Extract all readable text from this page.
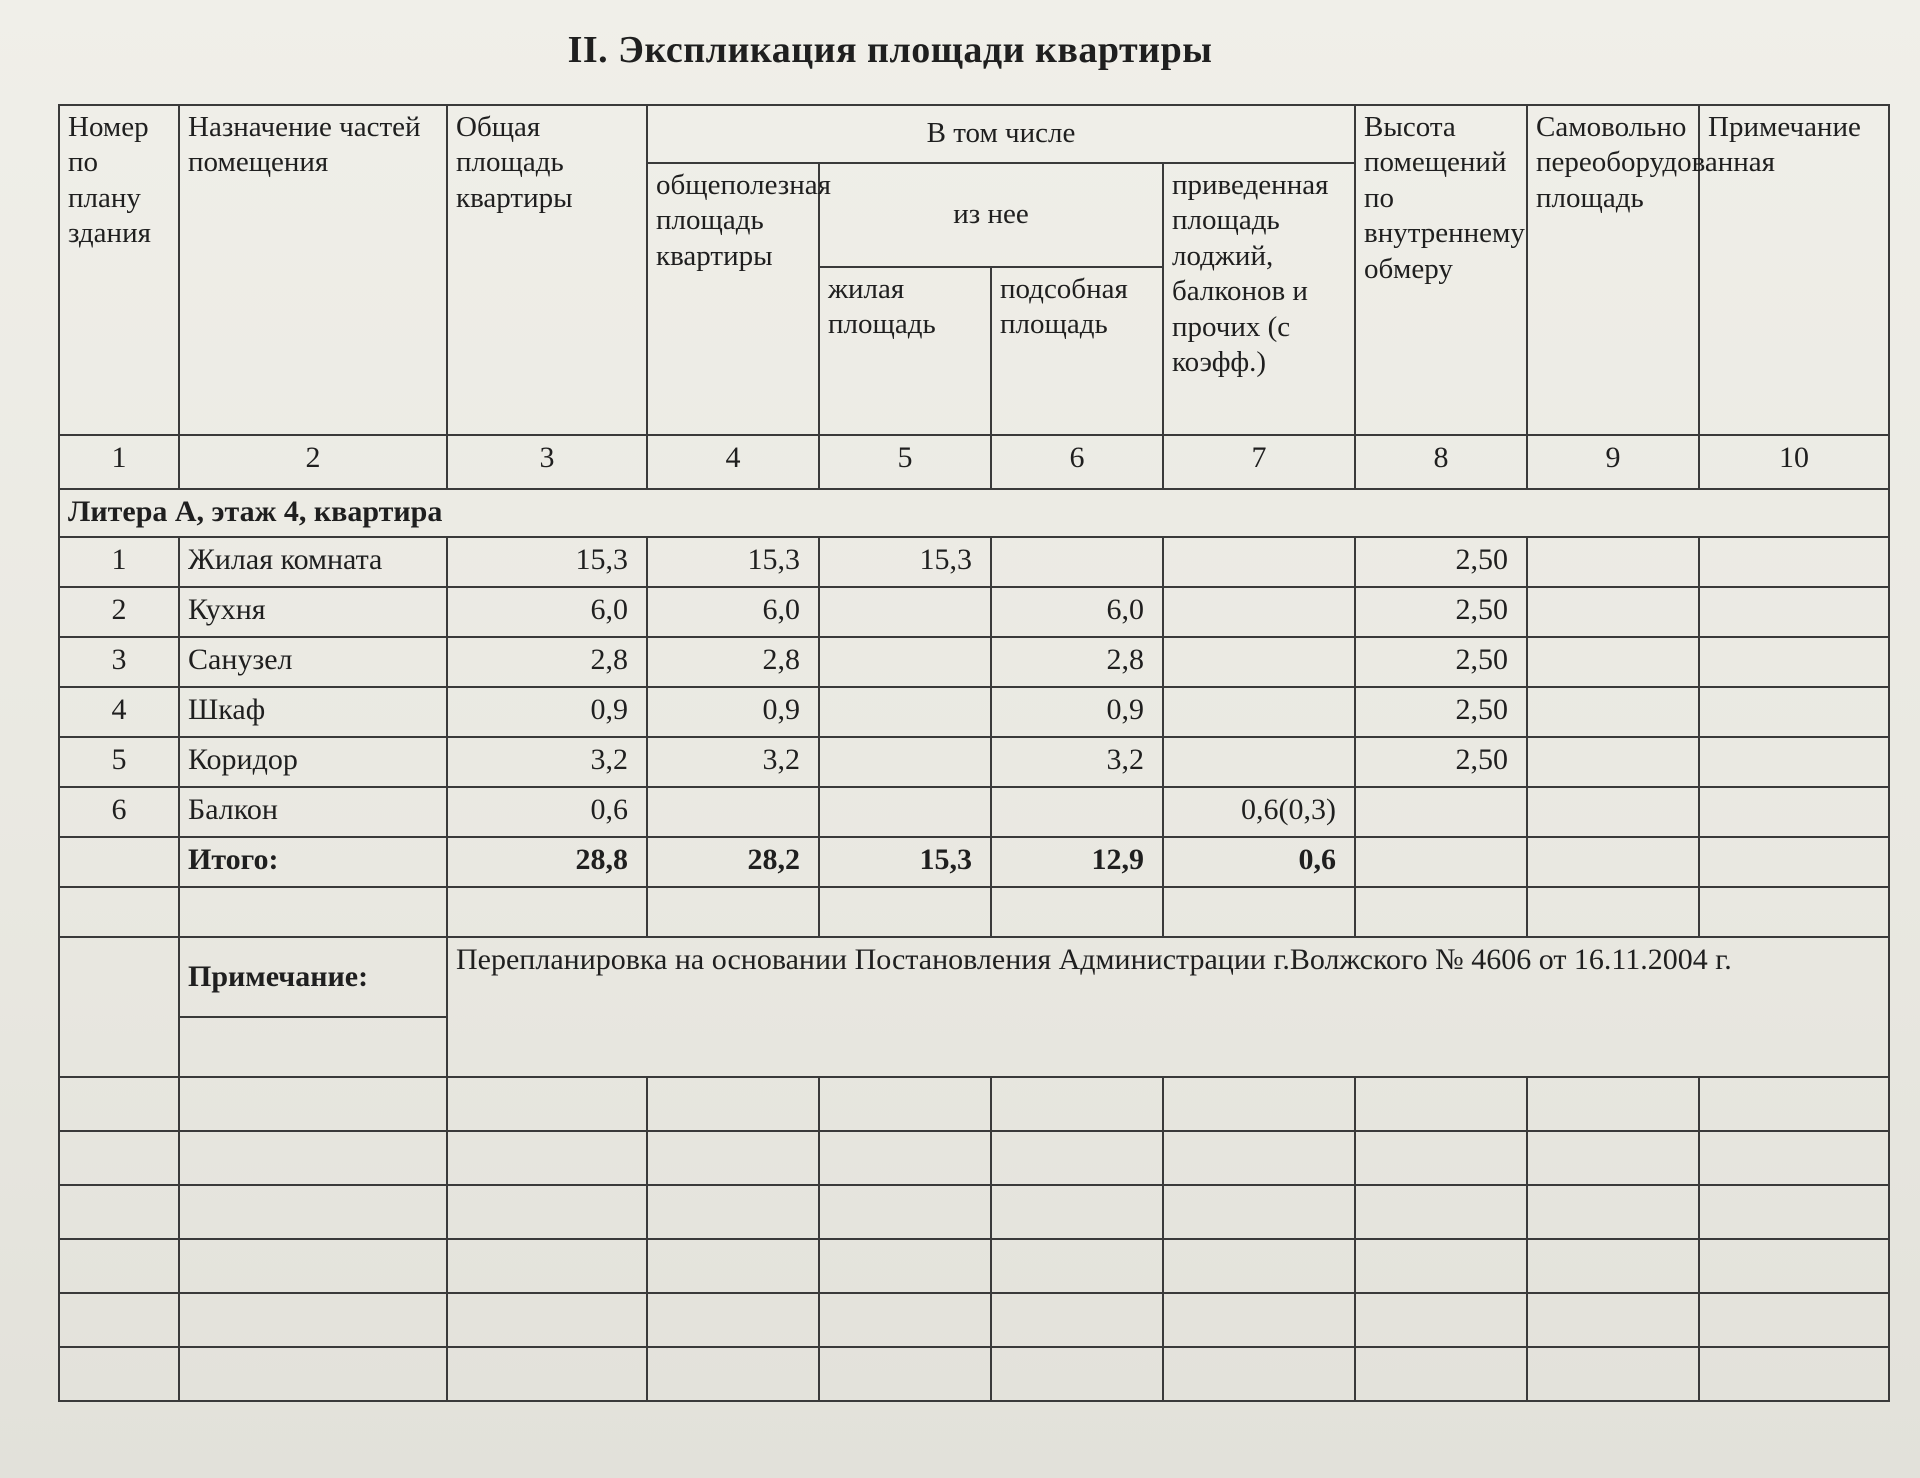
II. Экспликация площади квартиры
Номер по плану здания	Назначение частей помещения	Общая площадь квартиры	В том числе				Высота помещений по внутреннему обмеру	Самовольно переоборудованная площадь	Примечание
			общеполезная площадь квартиры	из нее		приведенная площадь лоджий, балконов и прочих (с коэфф.)			
				жилая площадь	подсобная площадь				
1	2	3	4	5	6	7	8	9	10
Литера А, этаж 4, квартира									
1	Жилая комната	15,3	15,3	15,3			2,50		
2	Кухня	6,0	6,0		6,0		2,50		
3	Санузел	2,8	2,8		2,8		2,50		
4	Шкаф	0,9	0,9		0,9		2,50		
5	Коридор	3,2	3,2		3,2		2,50		
6	Балкон	0,6				0,6(0,3)			
	Итого:	28,8	28,2	15,3	12,9	0,6			

	Примечание:	Перепланировка на основании Постановления Администрации г.Волжского № 4606 от 16.11.2004 г.							
